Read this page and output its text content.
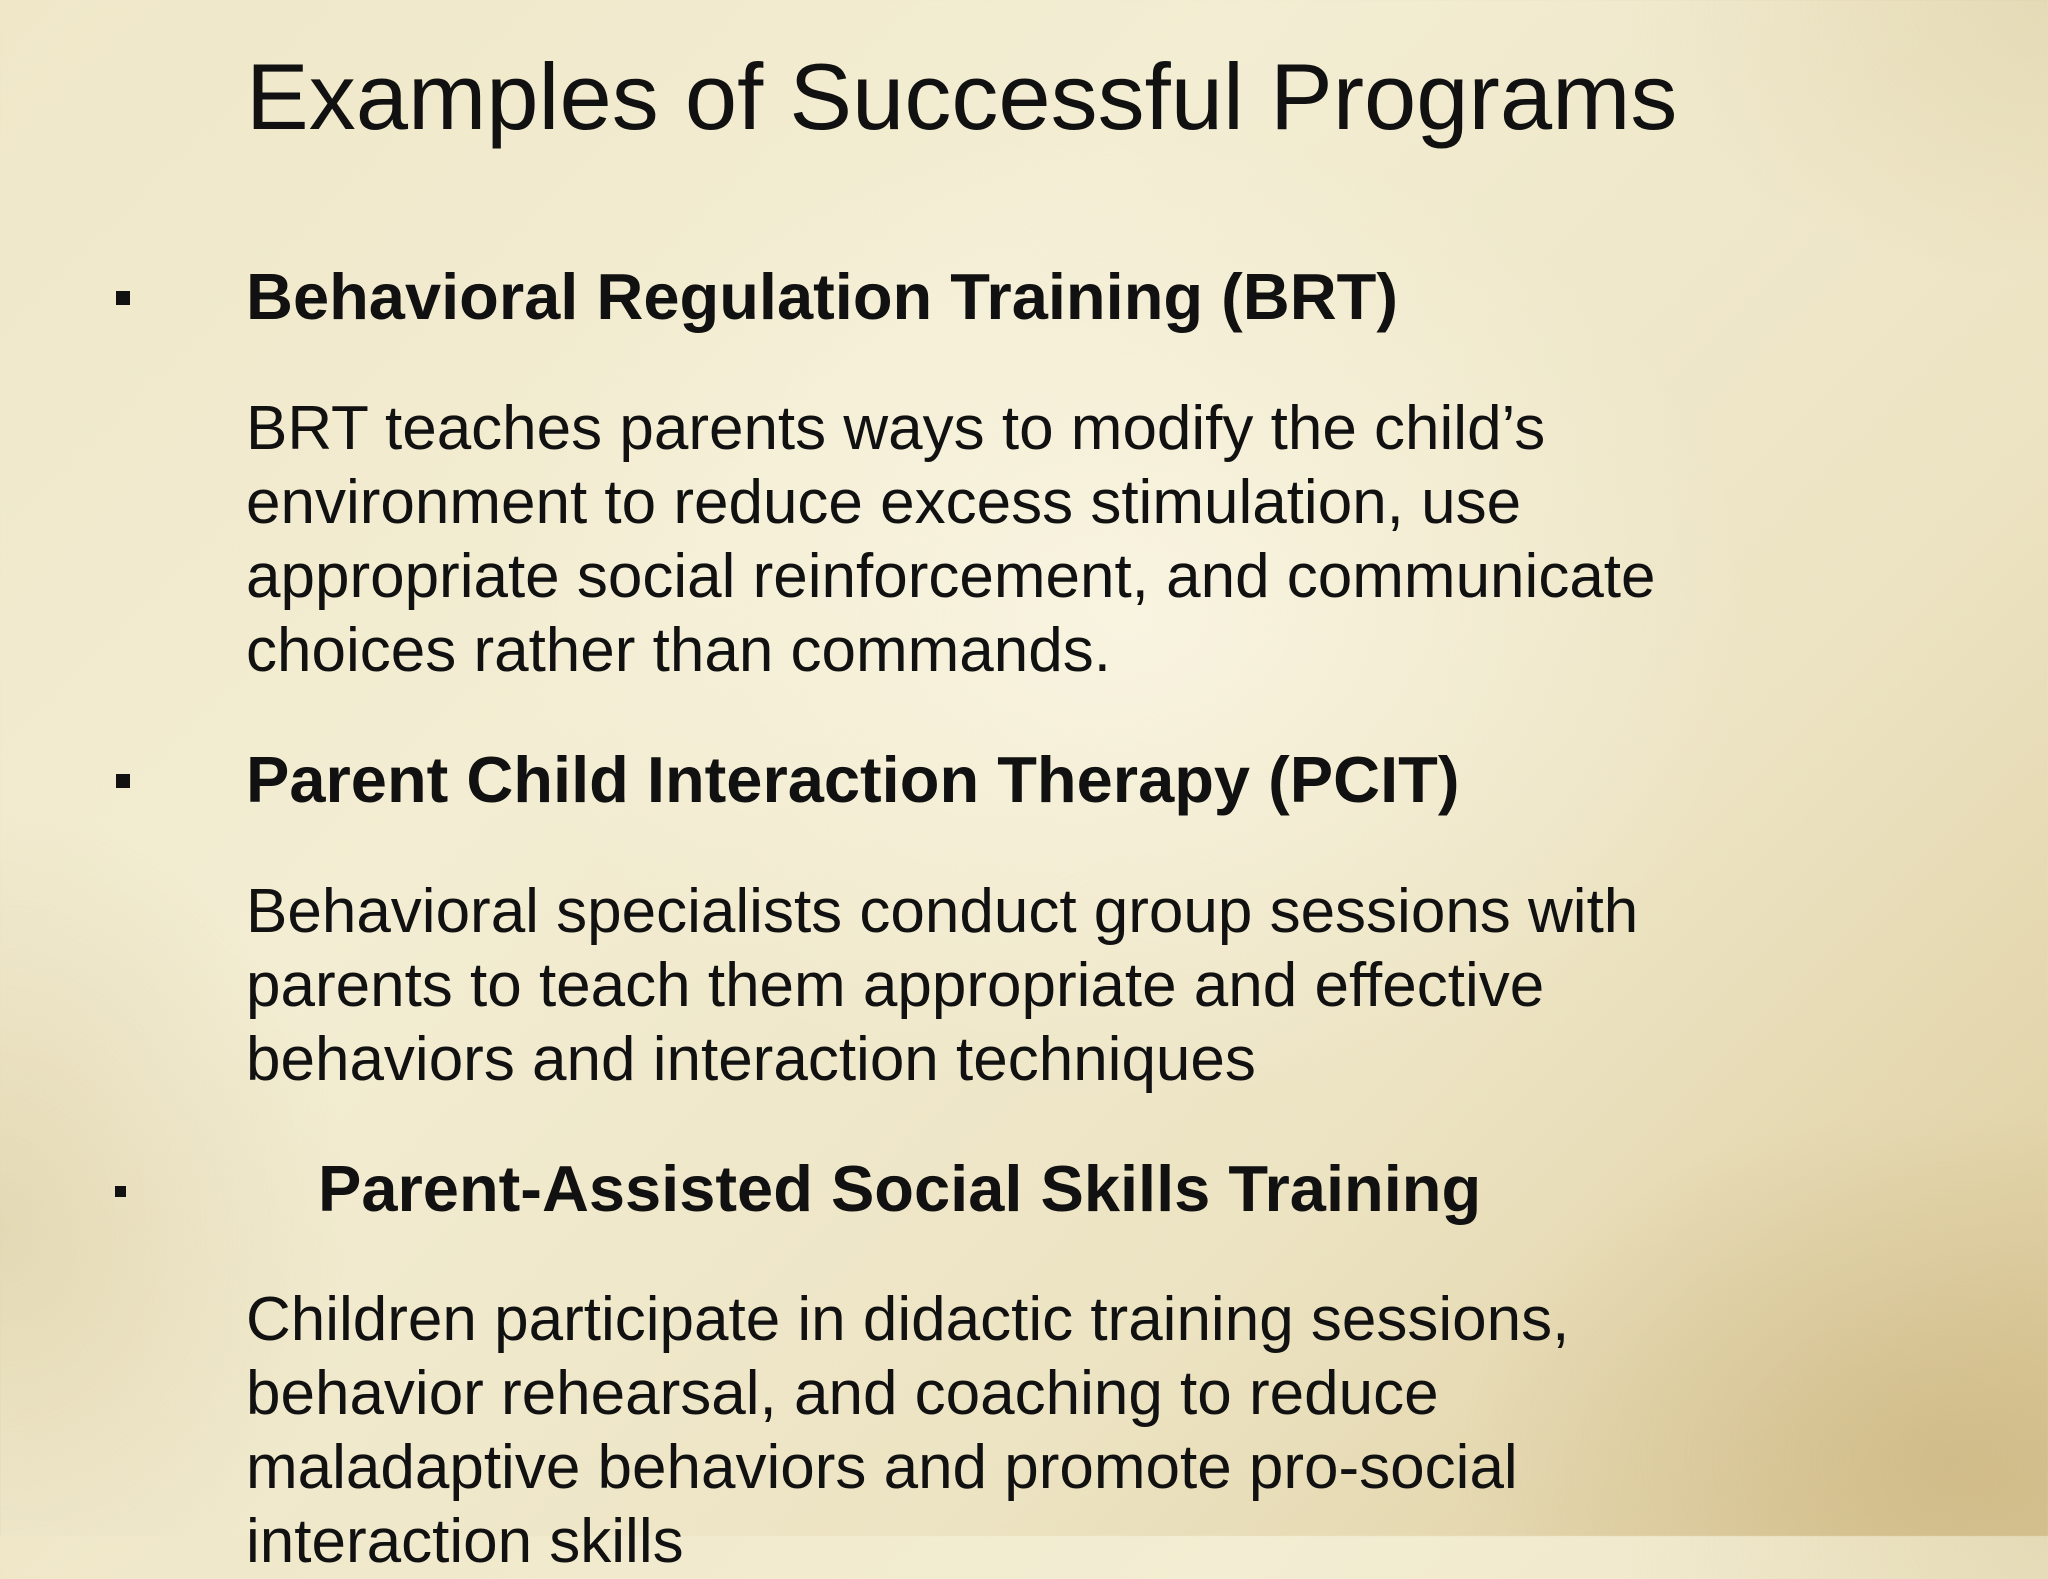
Examples of Successful Programs
Behavioral Regulation Training (BRT)
BRT teaches parents ways to modify the child’s
environment to reduce excess stimulation, use
appropriate social reinforcement, and communicate
choices rather than commands.
Parent Child Interaction Therapy (PCIT)
Behavioral specialists conduct group sessions with
parents to teach them appropriate and effective
behaviors and interaction techniques
Parent-Assisted Social Skills Training
Children participate in didactic training sessions,
behavior rehearsal, and coaching to reduce
maladaptive behaviors and promote pro-social
interaction skills
